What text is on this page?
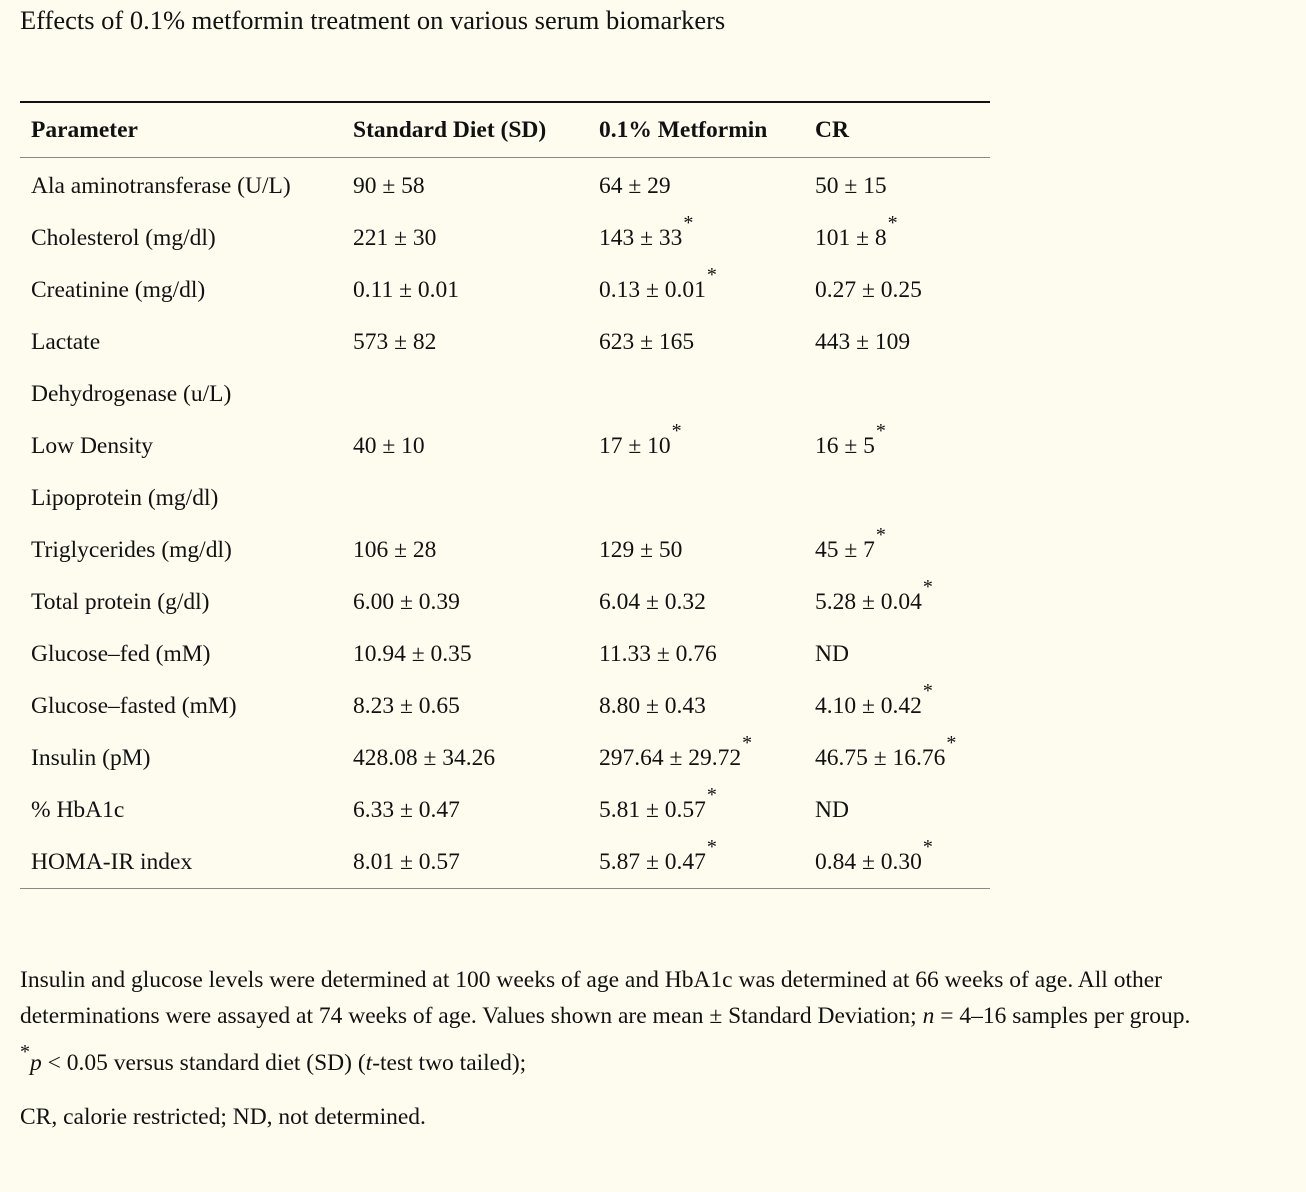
Effects of 0.1% metformin treatment on various serum biomarkers
Parameter	Standard Diet (SD)	0.1% Metformin	CR
Ala aminotransferase (U/L)	90 ± 58	64 ± 29	50 ± 15
Cholesterol (mg/dl)	221 ± 30	143 ± 33*	101 ± 8*
Creatinine (mg/dl)	0.11 ± 0.01	0.13 ± 0.01*	0.27 ± 0.25
Lactate	573 ± 82	623 ± 165	443 ± 109
Dehydrogenase (u/L)			
Low Density	40 ± 10	17 ± 10*	16 ± 5*
Lipoprotein (mg/dl)			
Triglycerides (mg/dl)	106 ± 28	129 ± 50	45 ± 7*
Total protein (g/dl)	6.00 ± 0.39	6.04 ± 0.32	5.28 ± 0.04*
Glucose–fed (mM)	10.94 ± 0.35	11.33 ± 0.76	ND
Glucose–fasted (mM)	8.23 ± 0.65	8.80 ± 0.43	4.10 ± 0.42*
Insulin (pM)	428.08 ± 34.26	297.64 ± 29.72*	46.75 ± 16.76*
% HbA1c	6.33 ± 0.47	5.81 ± 0.57*	ND
HOMA-IR index	8.01 ± 0.57	5.87 ± 0.47*	0.84 ± 0.30*

Insulin and glucose levels were determined at 100 weeks of age and HbA1c was determined at 66 weeks of age. All other determinations were assayed at 74 weeks of age. Values shown are mean ± Standard Deviation; n = 4–16 samples per group.

*p < 0.05 versus standard diet (SD) (t-test two tailed);

CR, calorie restricted; ND, not determined.
